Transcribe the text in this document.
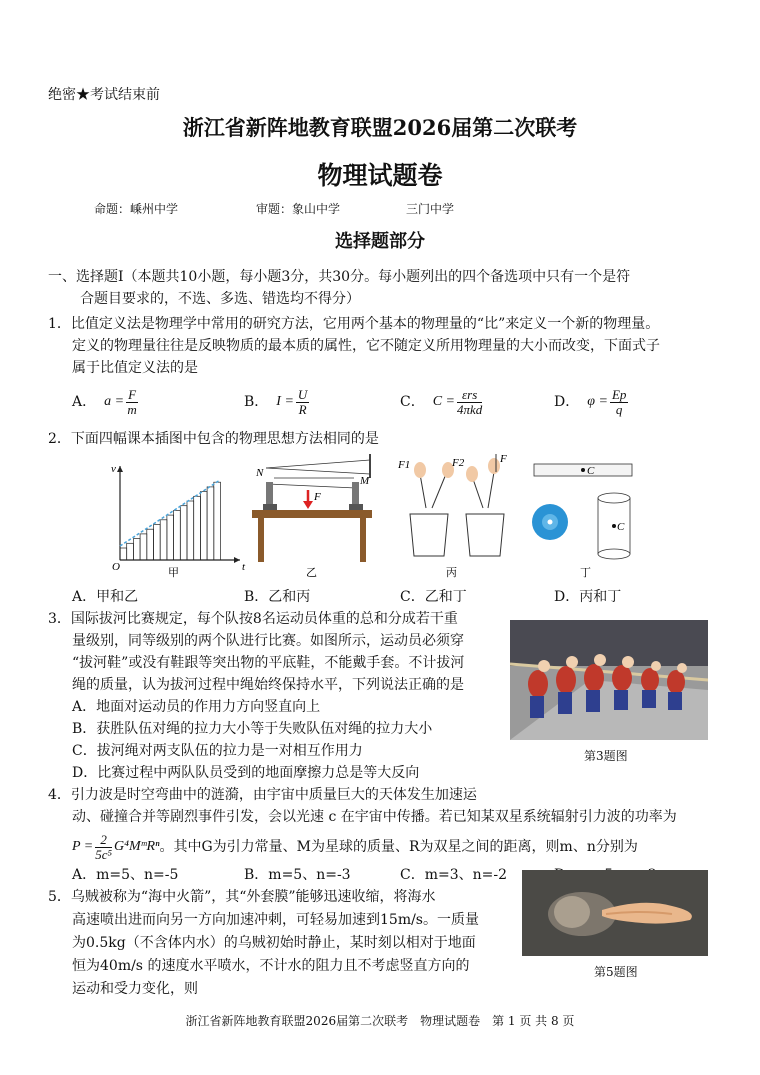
绝密★考试结束前
浙江省新阵地教育联盟2026届第二次联考
物理试题卷
命题：嵊州中学	审题：象山中学	三门中学
选择题部分
一、选择题Ⅰ（本题共10小题，每小题3分，共30分。每小题列出的四个备选项中只有一个是符
合题目要求的，不选、多选、错选均不得分）
1．比值定义法是物理学中常用的研究方法，它用两个基本的物理量的“比”来定义一个新的物理量。
定义的物理量往往是反映物质的最本质的属性，它不随定义所用物理量的大小而改变，下面式子
属于比值定义法的是
A． $a = \frac{F}{m}$	B． $I = \frac{U}{R}$	C． $C = \frac{\text{εrs}}{\text{4πkd}}$	D． $\varphi = \frac{Ep}{q}$
2．下面四幅课本插图中包含的物理思想方法相同的是
v
t
O	甲
N
M
F
乙
F1	F2	F
丙
C
C
丁
A．甲和乙	B．乙和丙	C．乙和丁	D．丙和丁
3．国际拔河比赛规定，每个队按8名运动员体重的总和分成若干重
量级别，同等级别的两个队进行比赛。如图所示，运动员必须穿
“拔河鞋”或没有鞋跟等突出物的平底鞋，不能戴手套。不计拔河
绳的质量，认为拔河过程中绳始终保持水平，下列说法正确的是
A．地面对运动员的作用力方向竖直向上
B．获胜队伍对绳的拉力大小等于失败队伍对绳的拉力大小
C．拔河绳对两支队伍的拉力是一对相互作用力
D．比赛过程中两队队员受到的地面摩擦力总是等大反向
第3题图
4．引力波是时空弯曲中的涟漪，由宇宙中质量巨大的天体发生加速运
动、碰撞合并等剧烈事件引发，会以光速 c 在宇宙中传播。若已知某双星系统辐射引力波的功率为
$P = \frac{2}{\text{5c⁵}}$ G⁴MᵐRⁿ 。其中G为引力常量、M为星球的质量、R为双星之间的距离，则m、n分别为
A．m=5、n=-5	B．m=5、n=-3	C．m=3、n=-2
5．乌贼被称为“海中火箭”，其“外套膜”能够迅速收缩，将海水
高速喷出进而向另一方向加速冲刺，可轻易加速到15m/s。一质量
为0.5kg（不含体内水）的乌贼初始时静止，某时刻以相对于地面
恒为40m/s 的速度水平喷水，不计水的阻力且不考虑竖直方向的
运动和受力变化，则
第5题图
浙江省新阵地教育联盟2026届第二次联考　物理试题卷　第 1 页 共 8 页
